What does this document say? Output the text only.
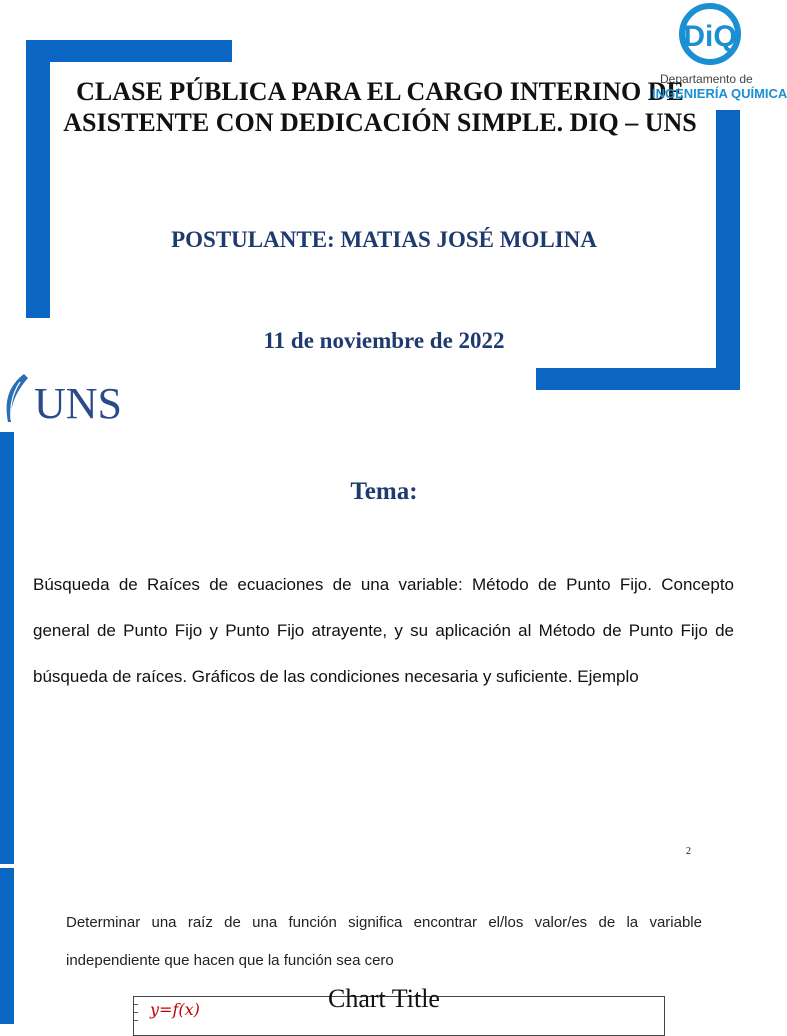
DiQ
Departamento de
CLASE PÚBLICA PARA EL CARGO INTERINO DE ASISTENTE CON DEDICACIÓN SIMPLE. DIQ – UNS
INGENIERÍA QUÍMICA
POSTULANTE: MATIAS JOSÉ MOLINA
11 de noviembre de 2022
UNS
Tema:
Búsqueda de Raíces de ecuaciones de una variable: Método de Punto Fijo. Concepto general de Punto Fijo y Punto Fijo atrayente, y su aplicación al Método de Punto Fijo de búsqueda de raíces. Gráficos de las condiciones necesaria y suficiente. Ejemplo
2
Determinar una raíz de una función significa encontrar el/los valor/es de la variable independiente que hacen que la función sea cero
Chart Title
y=f(x)
